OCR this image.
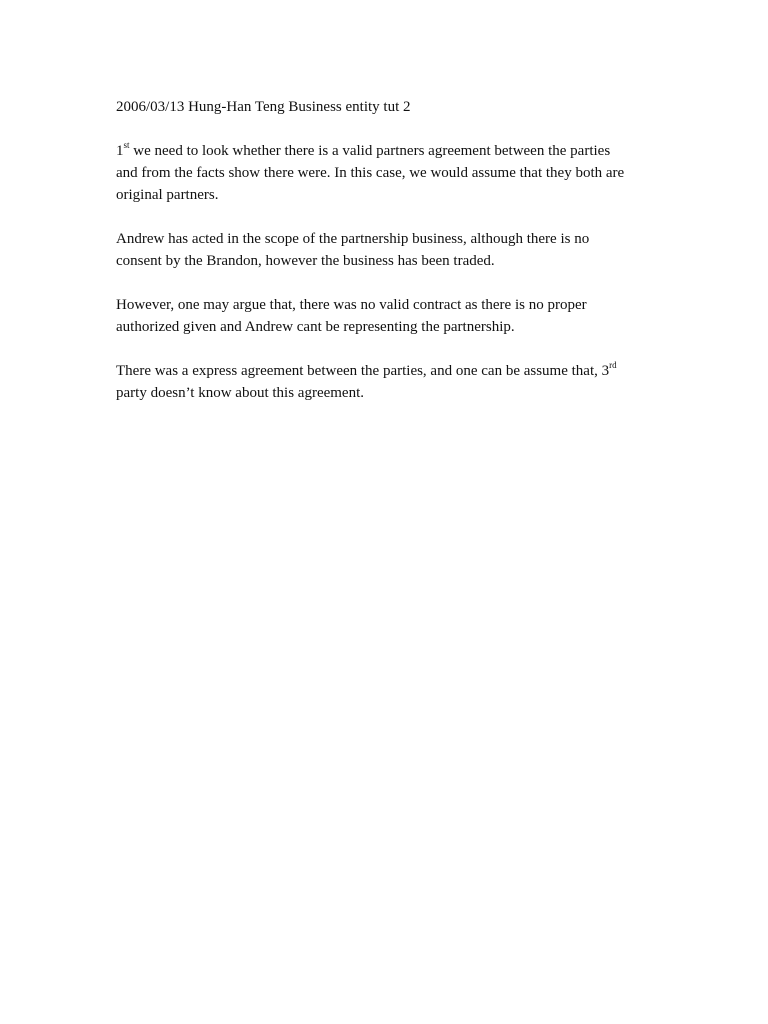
2006/03/13 Hung-Han Teng Business entity tut 2

1st we need to look whether there is a valid partners agreement between the parties

and from the facts show there were. In this case, we would assume that they both are

original partners.

Andrew has acted in the scope of the partnership business, although there is no

consent by the Brandon, however the business has been traded.

However, one may argue that, there was no valid contract as there is no proper

authorized given and Andrew cant be representing the partnership.

There was a express agreement between the parties, and one can be assume that, 3rd

party doesn’t know about this agreement.
